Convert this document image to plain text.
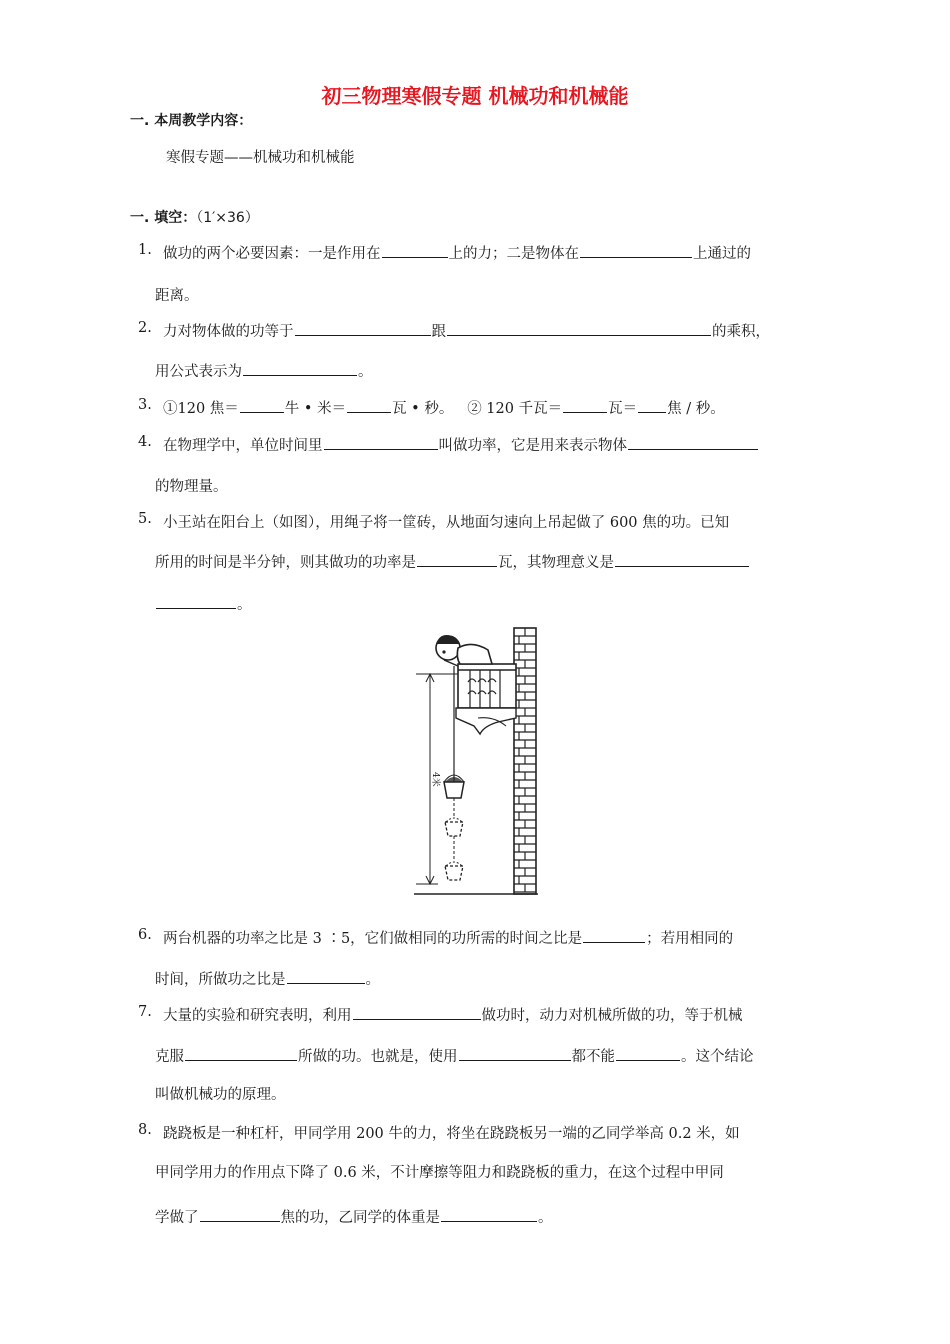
初三物理寒假专题 机械功和机械能
一. 本周教学内容：
寒假专题——机械功和机械能
一. 填空：（1′×36）
1. 做功的两个必要因素：一是作用在	上的力；二是物体在	上通过的
距离。
2. 力对物体做的功等于	跟	的乘积，
用公式表示为	。
3. ①120 焦＝	牛 • 米＝	瓦 • 秒。 ② 120 千瓦＝	瓦＝ 焦 / 秒。
4. 在物理学中，单位时间里	叫做功率，它是用来表示物体
的物理量。
5. 小王站在阳台上（如图），用绳子将一筐砖，从地面匀速向上吊起做了 600 焦的功。已知
所用的时间是半分钟，则其做功的功率是	瓦，其物理意义是
。
4米
6. 两台机器的功率之比是 3 ∶5，它们做相同的功所需的时间之比是	；若用相同的
时间，所做功之比是	。
7. 大量的实验和研究表明，利用	做功时，动力对机械所做的功，等于机械
克服	所做的功。也就是，使用	都不能	。这个结论
叫做机械功的原理。
8. 跷跷板是一种杠杆，甲同学用 200 牛的力，将坐在跷跷板另一端的乙同学举高 0.2 米，如
甲同学用力的作用点下降了 0.6 米，不计摩擦等阻力和跷跷板的重力，在这个过程中甲同
学做了	焦的功，乙同学的体重是	。
